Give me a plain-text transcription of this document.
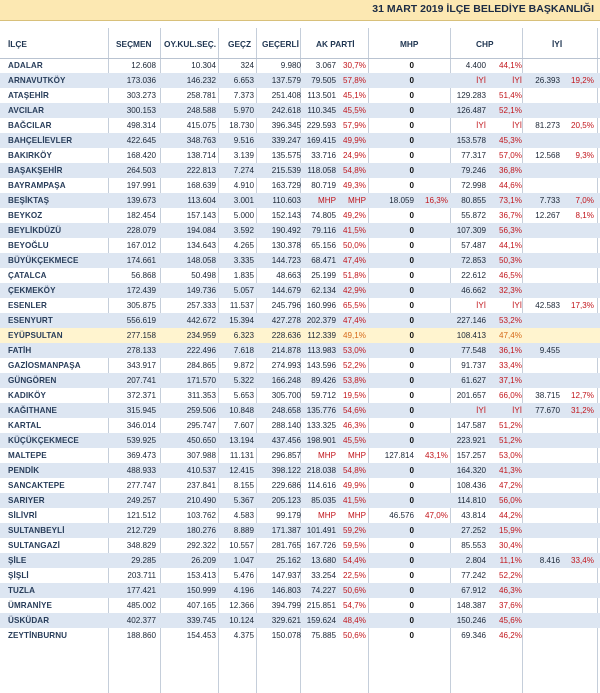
31 MART 2019 İLÇE BELEDİYE BAŞKANLIĞI
İLÇE	SEÇMEN OY.KUL.SEÇ. GEÇZ GEÇERLİ AK PARTİ	MHP	CHP	İYİ
ADALAR	12.608	10.304	324	9.980	3.067 30,7%	0	4.400	44,1%
ARNAVUTKÖY	173.036	146.232	6.653	137.579	79.505 57,8%	0	İYİ	İYİ	26.393	19,2%
ATAŞEHİR	303.273	258.781	7.373	251.408 113.501 45,1%	0	129.283	51,4%
AVCILAR	300.153	248.588	5.970	242.618 110.345 45,5%	0	126.487	52,1%
BAĞCILAR	498.314	415.075	18.730	396.345 229.593 57,9%	0	İYİ	İYİ	81.273	20,5%
BAHÇELİEVLER	422.645	348.763	9.516	339.247 169.415 49,9%	0	153.578	45,3%
BAKIRKÖY	168.420	138.714	3.139	135.575	33.716 24,9%	0	77.317	57,0%	12.568	9,3%
BAŞAKŞEHİR	264.503	222.813	7.274	215.539 118.058 54,8%	0	79.246	36,8%
BAYRAMPAŞA	197.991	168.639	4.910	163.729	80.719 49,3%	0	72.998	44,6%
BEŞİKTAŞ	139.673	113.604	3.001	110.603	MHP	MHP	18.059	16,3%	80.855	73,1%	7.733	7,0%
BEYKOZ	182.454	157.143	5.000	152.143	74.805 49,2%	0	55.872	36,7%	12.267	8,1%
BEYLİKDÜZÜ	228.079	194.084	3.592	190.492	79.116 41,5%	0	107.309	56,3%
BEYOĞLU	167.012	134.643	4.265	130.378	65.156 50,0%	0	57.487	44,1%
BÜYÜKÇEKMECE	174.661	148.058	3.335	144.723	68.471 47,4%	0	72.853	50,3%
ÇATALCA	56.868	50.498	1.835	48.663	25.199 51,8%	0	22.612	46,5%
ÇEKMEKÖY	172.439	149.736	5.057	144.679	62.134 42,9%	0	46.662	32,3%
ESENLER	305.875	257.333	11.537	245.796 160.996 65,5%	0	İYİ	İYİ	42.583	17,3%
ESENYURT	556.619	442.672	15.394	427.278 202.379 47,4%	0	227.146	53,2%
EYÜPSULTAN	277.158	234.959	6.323	228.636 112.339 49,1%	0	108.413	47,4%
FATİH	278.133	222.496	7.618	214.878 113.983 53,0%	0	77.548	36,1%	9.455
GAZİOSMANPAŞA	343.917	284.865	9.872	274.993 143.596 52,2%	0	91.737	33,4%
GÜNGÖREN	207.741	171.570	5.322	166.248	89.426 53,8%	0	61.627	37,1%
KADIKÖY	372.371	311.353	5.653	305.700	59.712 19,5%	0	201.657	66,0%	38.715	12,7%
KAĞITHANE	315.945	259.506	10.848	248.658 135.776 54,6%	0	İYİ	İYİ	77.670	31,2%
KARTAL	346.014	295.747	7.607	288.140 133.325 46,3%	0	147.587	51,2%
KÜÇÜKÇEKMECE	539.925	450.650	13.194	437.456 198.901 45,5%	0	223.921	51,2%
MALTEPE	369.473	307.988	11.131	296.857	MHP	MHP	127.814	43,1%	157.257	53,0%
PENDİK	488.933	410.537	12.415	398.122 218.038 54,8%	0	164.320	41,3%
SANCAKTEPE	277.747	237.841	8.155	229.686 114.616 49,9%	0	108.436	47,2%
SARIYER	249.257	210.490	5.367	205.123	85.035 41,5%	0	114.810	56,0%
SİLİVRİ	121.512	103.762	4.583	99.179	MHP	MHP	46.576	47,0%	43.814	44,2%
SULTANBEYLİ	212.729	180.276	8.889	171.387 101.491 59,2%	0	27.252	15,9%
SULTANGAZİ	348.829	292.322	10.557	281.765 167.726 59,5%	0	85.553	30,4%
ŞİLE	29.285	26.209	1.047	25.162	13.680 54,4%	0	2.804	11,1%	8.416	33,4%
ŞİŞLİ	203.711	153.413	5.476	147.937	33.254 22,5%	0	77.242	52,2%
TUZLA	177.421	150.999	4.196	146.803	74.227 50,6%	0	67.912	46,3%
ÜMRANİYE	485.002	407.165	12.366	394.799 215.851 54,7%	0	148.387	37,6%
ÜSKÜDAR	402.377	339.745	10.124	329.621 159.624 48,4%	0	150.246	45,6%
ZEYTİNBURNU	188.860	154.453	4.375	150.078	75.885 50,6%	0	69.346	46,2%
